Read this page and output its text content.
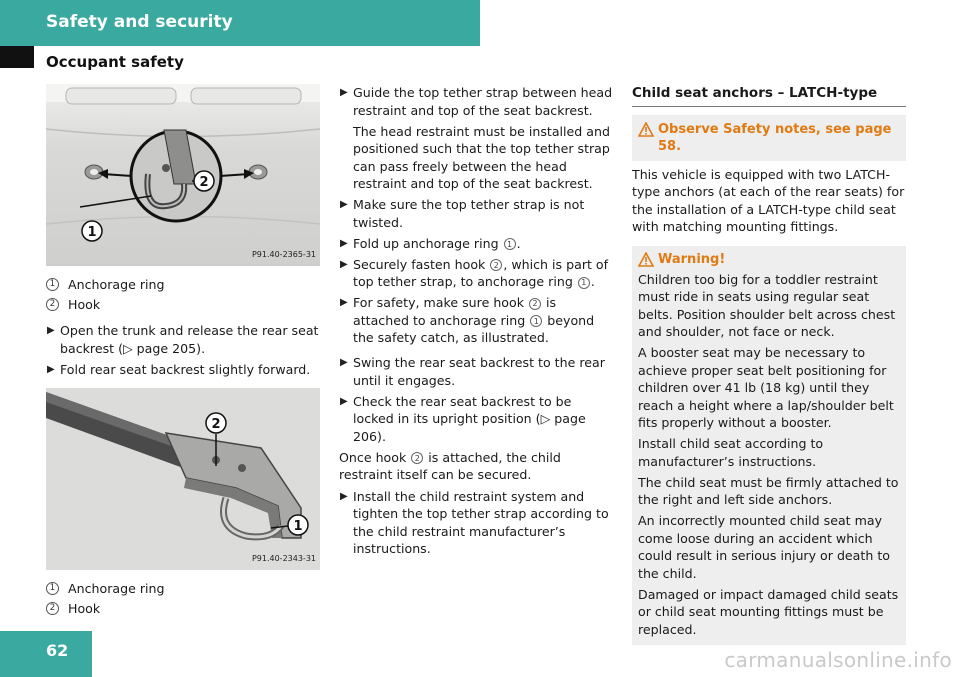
Safety and security
Occupant safety
1
2
P91.40-2365-31
1	Anchorage ring
2	Hook
▶ Open the trunk and release the rear seat backrest (▷ page 205).
▶ Fold rear seat backrest slightly forward.
2
1
P91.40-2343-31
1	Anchorage ring
2	Hook
▶ Guide the top tether strap between head restraint and top of the seat backrest.
The head restraint must be installed and positioned such that the top tether strap can pass freely between the head restraint and top of the seat backrest.
▶ Make sure the top tether strap is not twisted.
▶ Fold up anchorage ring 1 .
▶ Securely fasten hook 2 , which is part of top tether strap, to anchorage ring 1 .
▶ For safety, make sure hook 2 is attached to anchorage ring 1 beyond the safety catch, as illustrated.
▶ Swing the rear seat backrest to the rear until it engages.
▶ Check the rear seat backrest to be locked in its upright position (▷ page 206).
Once hook 2 is attached, the child restraint itself can be secured.
▶ Install the child restraint system and tighten the top tether strap according to the child restraint manufacturer’s instructions.
Child seat anchors – LATCH-type
Observe Safety notes, see page 58.
This vehicle is equipped with two LATCH-type anchors (at each of the rear seats) for the installation of a LATCH-type child seat with matching mounting fittings.
Warning!

Children too big for a toddler restraint must ride in seats using regular seat belts. Position shoulder belt across chest and shoulder, not face or neck.

A booster seat may be necessary to achieve proper seat belt positioning for children over 41 lb (18 kg) until they reach a height where a lap/shoulder belt fits properly without a booster.

Install child seat according to manufacturer’s instructions.

The child seat must be firmly attached to the right and left side anchors.

An incorrectly mounted child seat may come loose during an accident which could result in serious injury or death to the child.

Damaged or impact damaged child seats or child seat mounting fittings must be replaced.

62	carmanualsonline.info
